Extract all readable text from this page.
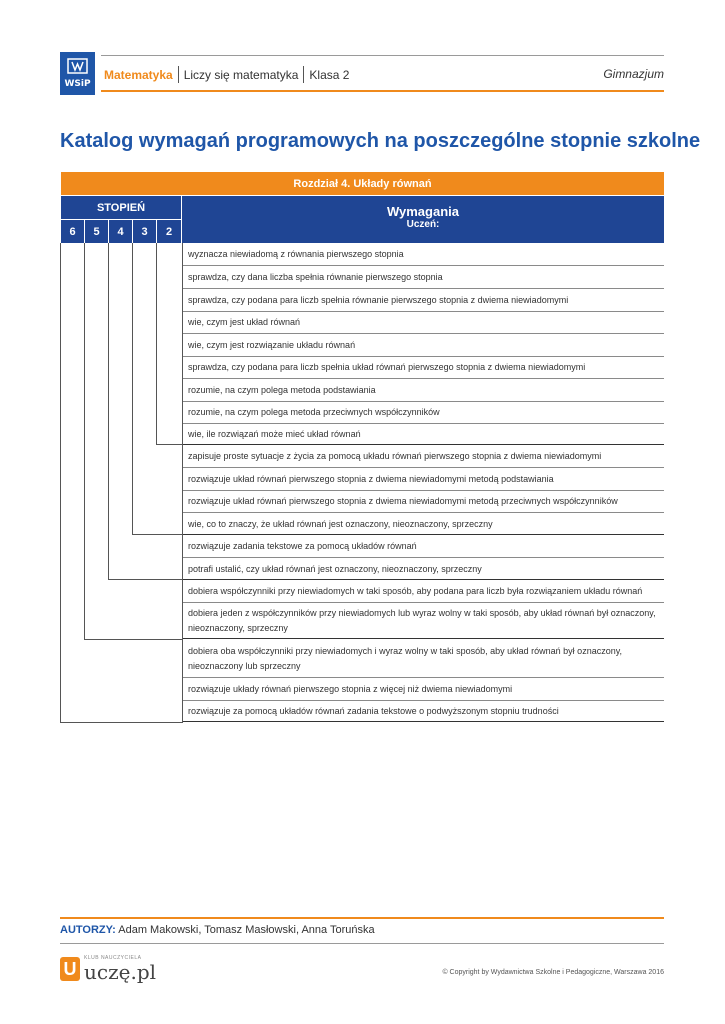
WSiP
Matematyka Liczy się matematyka Klasa 2	Gimnazjum
Katalog wymagań programowych na poszczególne stopnie szkolne
Rozdział 4. Układy równań
STOPIEŃ
6	5	4	3	2
Wymagania
Uczeń:
wyznacza niewiadomą z równania pierwszego stopnia
sprawdza, czy dana liczba spełnia równanie pierwszego stopnia
sprawdza, czy podana para liczb spełnia równanie pierwszego stopnia z dwiema niewiadomymi
wie, czym jest układ równań
wie, czym jest rozwiązanie układu równań
sprawdza, czy podana para liczb spełnia układ równań pierwszego stopnia z dwiema niewiadomymi
rozumie, na czym polega metoda podstawiania
rozumie, na czym polega metoda przeciwnych współczynników
wie, ile rozwiązań może mieć układ równań
zapisuje proste sytuacje z życia za pomocą układu równań pierwszego stopnia z dwiema niewiadomymi
rozwiązuje układ równań pierwszego stopnia z dwiema niewiadomymi metodą podstawiania
rozwiązuje układ równań pierwszego stopnia z dwiema niewiadomymi metodą przeciwnych współczynników
wie, co to znaczy, że układ równań jest oznaczony, nieoznaczony, sprzeczny
rozwiązuje zadania tekstowe za pomocą układów równań
potrafi ustalić, czy układ równań jest oznaczony, nieoznaczony, sprzeczny
dobiera współczynniki przy niewiadomych w taki sposób, aby podana para liczb była rozwiązaniem układu równań
dobiera jeden z współczynników przy niewiadomych lub wyraz wolny w taki sposób, aby układ równań był oznaczony, nieoznaczony, sprzeczny
dobiera oba współczynniki przy niewiadomych i wyraz wolny w taki sposób, aby układ równań był oznaczony, nieoznaczony lub sprzeczny
rozwiązuje układy równań pierwszego stopnia z więcej niż dwiema niewiadomymi
rozwiązuje za pomocą układów równań zadania tekstowe o podwyższonym stopniu trudności
AUTORZY: Adam Makowski, Tomasz Masłowski, Anna Toruńska
U
KLUB NAUCZYCIELA
uczę.pl	© Copyright by Wydawnictwa Szkolne i Pedagogiczne, Warszawa 2016
